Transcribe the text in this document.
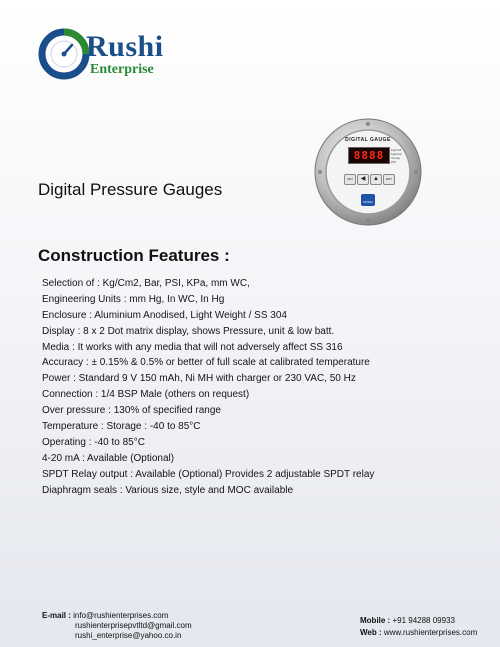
Rushi
Enterprise
DIGITAL GAUGE
8888 Kg/cm2
Kg/Cm2
mmHg
PSI
SET	◀	▲	ENT
RUSHI
Digital Pressure Gauges
Construction Features :
Selection of : Kg/Cm2, Bar, PSI, KPa, mm WC,
Engineering Units : mm Hg, In WC, In Hg
Enclosure : Aluminium Anodised, Light Weight / SS 304
Display : 8 x 2 Dot matrix display, shows Pressure, unit & low batt.
Media : It works with any media that will not adversely affect SS 316
Accuracy : ± 0.15% & 0.5% or better of full scale at calibrated temperature
Power : Standard 9 V 150 mAh, Ni MH with charger or 230 VAC, 50 Hz
Connection : 1/4 BSP Male (others on request)
Over pressure : 130% of specified range
Temperature : Storage : -40 to 85°C
Operating : -40 to 85°C
4-20 mA : Available (Optional)
SPDT Relay output : Available (Optional) Provides 2 adjustable SPDT relay
Diaphragm seals : Various size, style and MOC available
E-mail : info@rushienterprises.com
rushienterprisepvtltd@gmail.com
rushi_enterprise@yahoo.co.in
Mobile : +91 94288 09933
Web : www.rushienterprises.com
